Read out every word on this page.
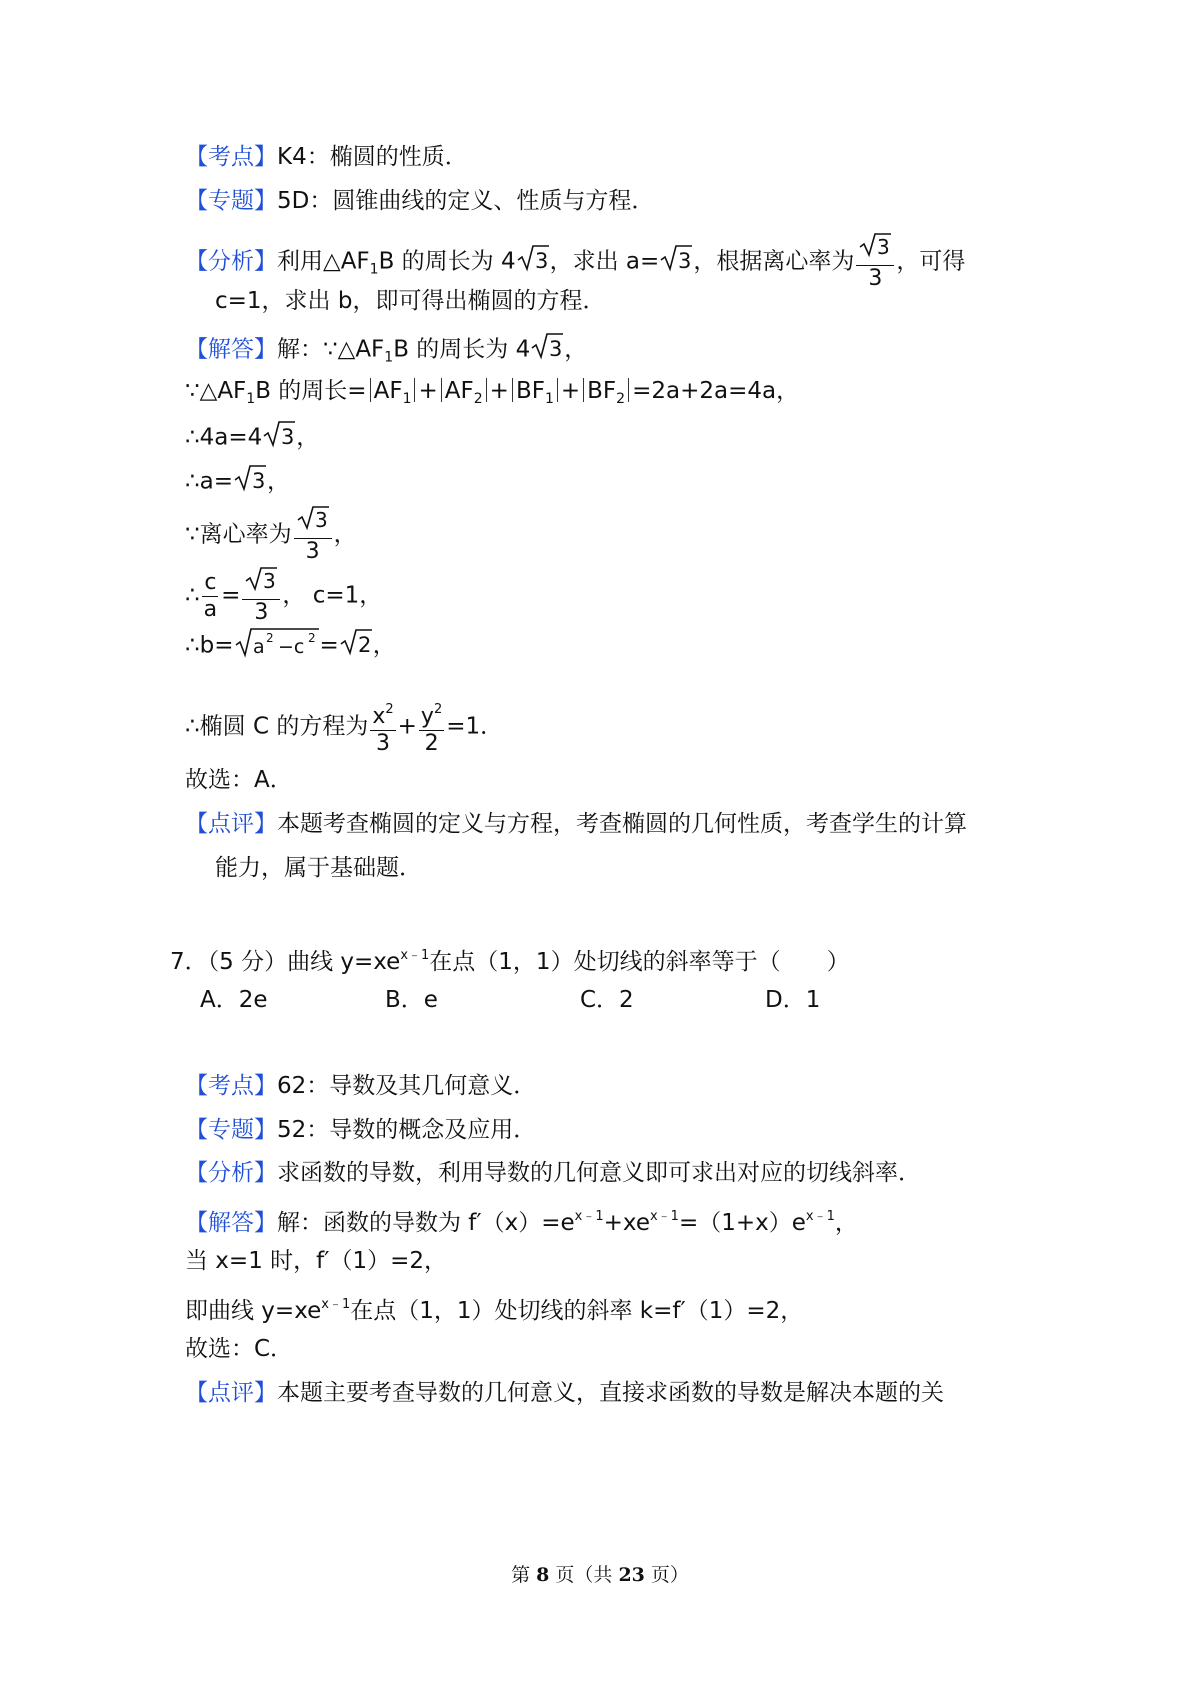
【考点】K4：椭圆的性质．
【专题】5D：圆锥曲线的定义、性质与方程．
【分析】利用$\triangle AF_1B$ 的周长为 4 3 ，求出 a= 3 ，根据离心率为 $\frac{3}{3}$ ，可得
c=1，求出 b，即可得出椭圆的方程．
【解答】解：$\because\triangle AF_1B$ 的周长为 4 3 ，
$\because\triangle AF_1B$ 的周长= $AF_1 + AF_2 + BF_1 + BF_2 =2a+2a=4a$，
∴4a=4 3 ，
∴a= 3 ，
∵离心率为 $\frac{3}{3}$ ，
∴ $\frac{c}{a} = \frac{3}{3}$ ， c=1，
∴b= a 2 −c 2 = 2 ，
∴椭圆 C 的方程为 $\frac{x^2}{3} + \frac{y^2}{2} =1$．
故选：A．
【点评】本题考查椭圆的定义与方程，考查椭圆的几何性质，考查学生的计算
能力，属于基础题．
7．（5 分）曲线 $y=xe^{x﹣1}$在点（1，1）处切线的斜率等于（　　）
A．2e	B．e	C．2	D．1
【考点】62：导数及其几何意义．
【专题】52：导数的概念及应用．
【分析】求函数的导数，利用导数的几何意义即可求出对应的切线斜率．
【解答】解：函数的导数为 $f'(x)=e^{x﹣1}+xe^{x﹣1}=(1+x)e^{x﹣1}$，
当 x=1 时，f′（1）=2，
即曲线 $y=xe^{x﹣1}$在点（1，1）处切线的斜率 k=f′（1）=2，
故选：C．
【点评】本题主要考查导数的几何意义，直接求函数的导数是解决本题的关
第 8 页（共 23 页）
